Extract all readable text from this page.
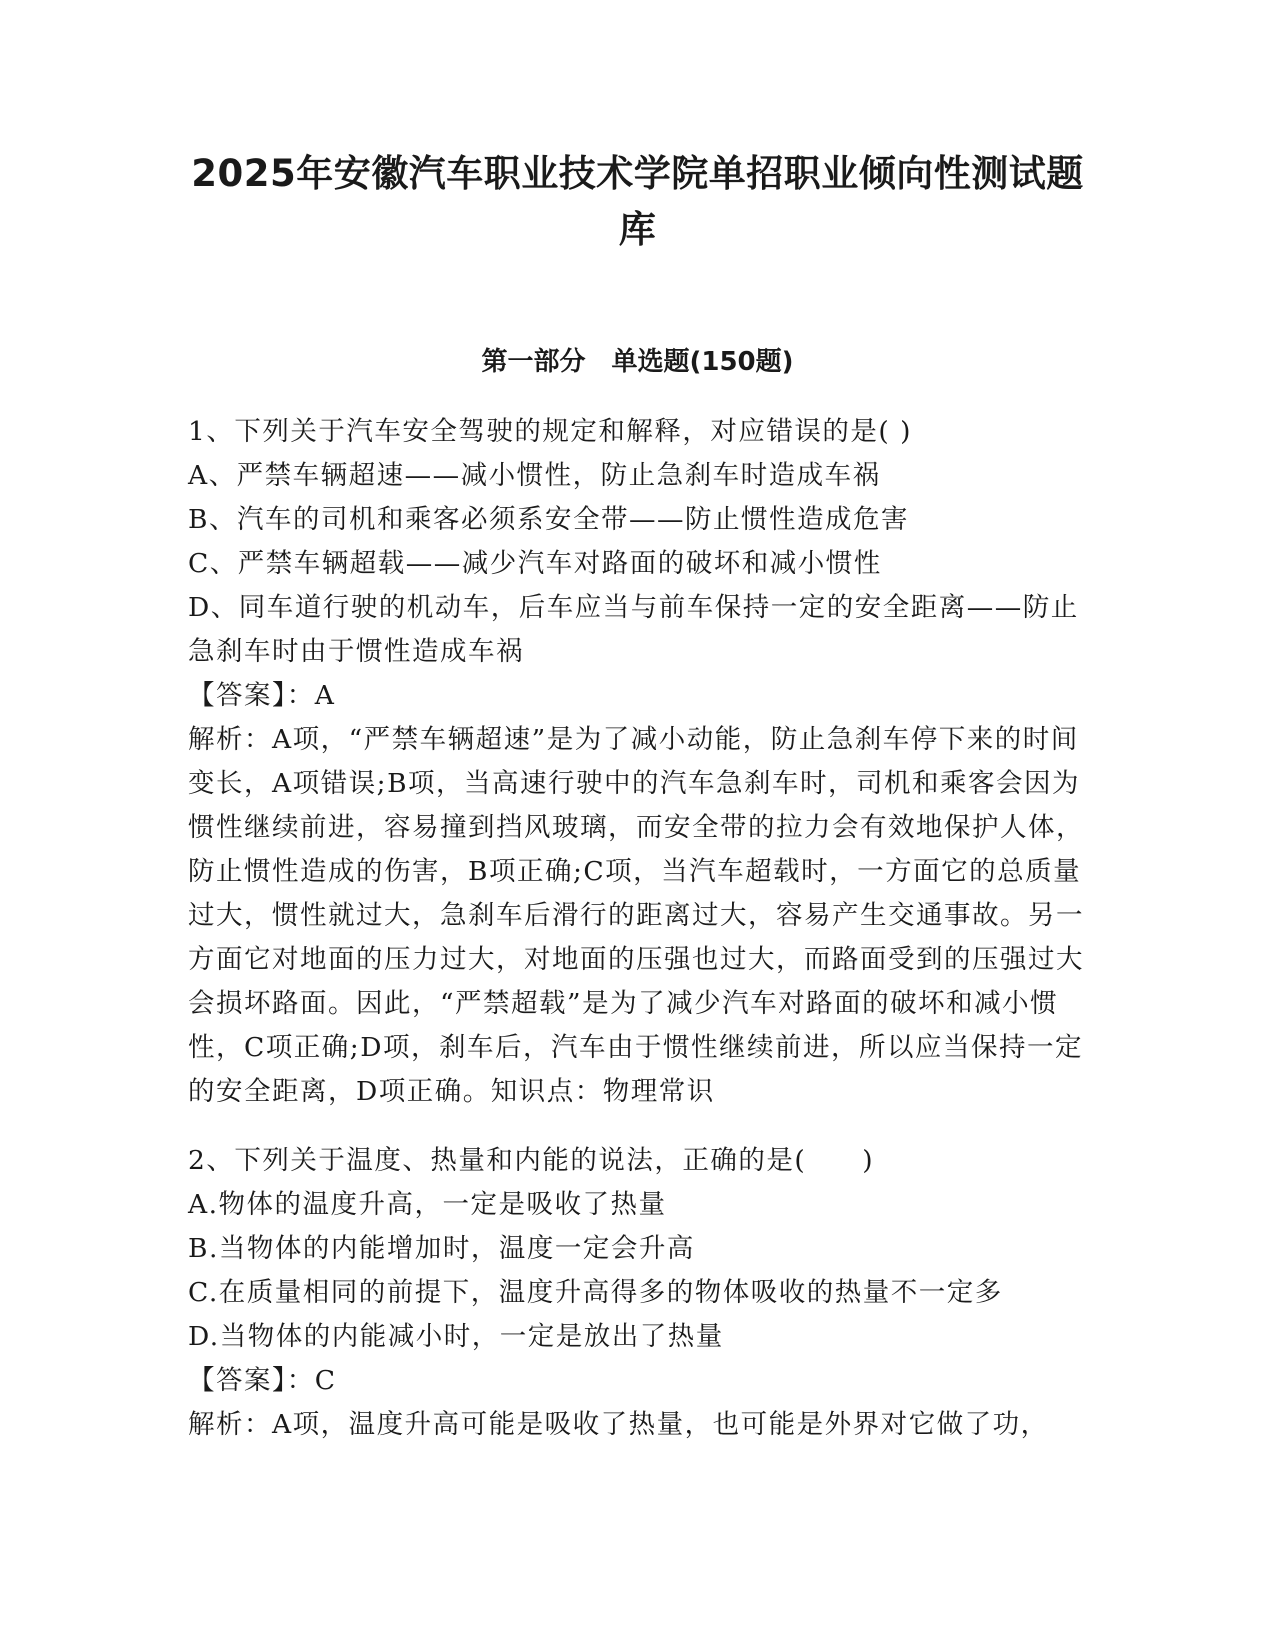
2025年安徽汽车职业技术学院单招职业倾向性测试题
库
第一部分　单选题(150题)

1、下列关于汽车安全驾驶的规定和解释，对应错误的是( )

A、严禁车辆超速——减小惯性，防止急刹车时造成车祸

B、汽车的司机和乘客必须系安全带——防止惯性造成危害

C、严禁车辆超载——减少汽车对路面的破坏和减小惯性

D、同车道行驶的机动车，后车应当与前车保持一定的安全距离——防止急刹车时由于惯性造成车祸

【答案】：A

解析：A项，“严禁车辆超速”是为了减小动能，防止急刹车停下来的时间变长，A项错误;B项，当高速行驶中的汽车急刹车时，司机和乘客会因为惯性继续前进，容易撞到挡风玻璃，而安全带的拉力会有效地保护人体，防止惯性造成的伤害，B项正确;C项，当汽车超载时，一方面它的总质量过大，惯性就过大，急刹车后滑行的距离过大，容易产生交通事故。另一方面它对地面的压力过大，对地面的压强也过大，而路面受到的压强过大会损坏路面。因此，“严禁超载”是为了减少汽车对路面的破坏和减小惯性，C项正确;D项，刹车后，汽车由于惯性继续前进，所以应当保持一定的安全距离，D项正确。知识点：物理常识

2、下列关于温度、热量和内能的说法，正确的是(　　)

A.物体的温度升高，一定是吸收了热量

B.当物体的内能增加时，温度一定会升高

C.在质量相同的前提下，温度升高得多的物体吸收的热量不一定多

D.当物体的内能减小时，一定是放出了热量

【答案】：C

解析：A项，温度升高可能是吸收了热量，也可能是外界对它做了功，
